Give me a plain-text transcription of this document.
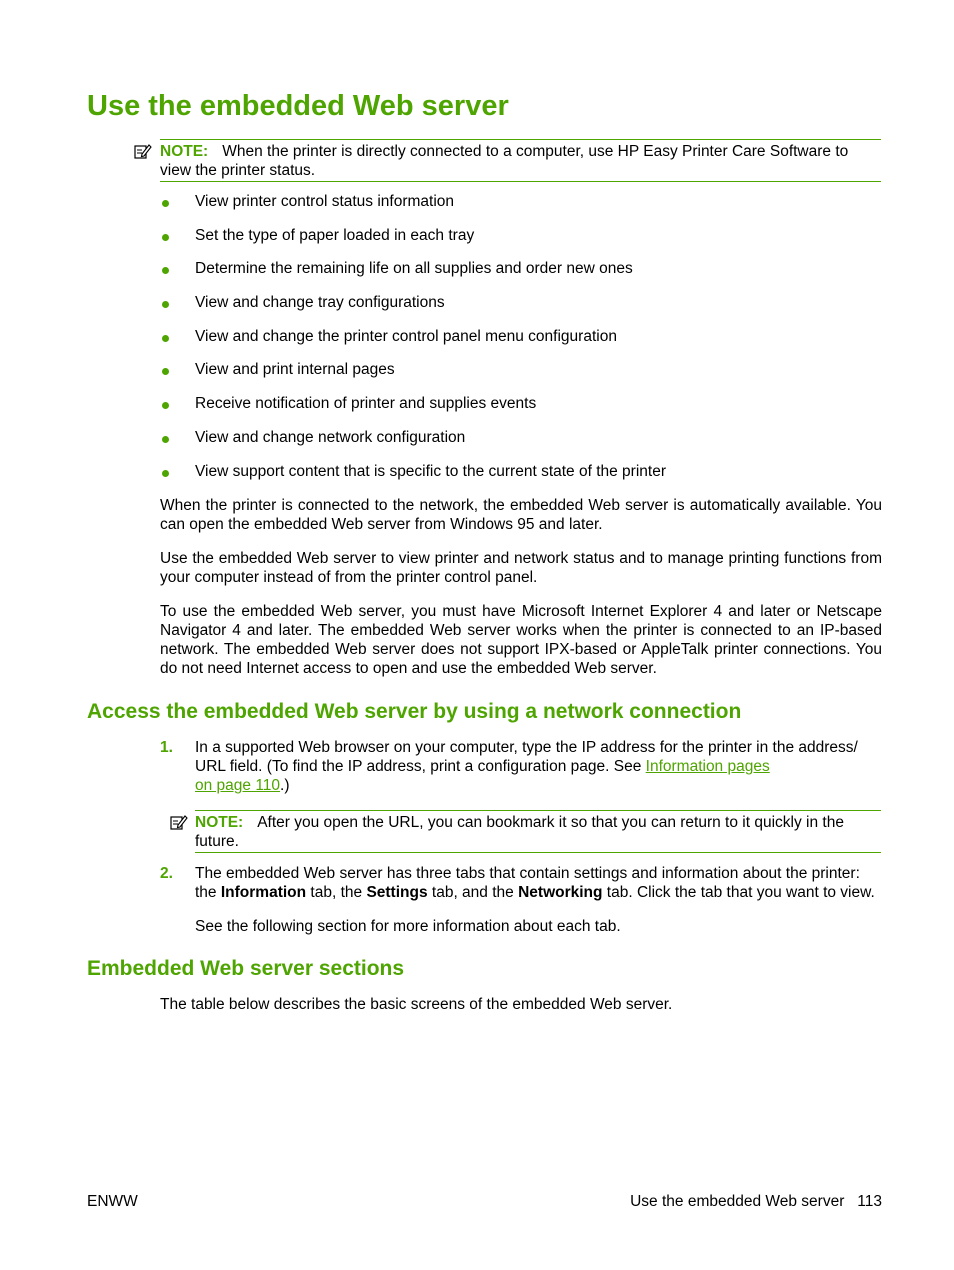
Use the embedded Web server
NOTE: When the printer is directly connected to a computer, use HP Easy Printer Care Software to view the printer status.
View printer control status information
Set the type of paper loaded in each tray
Determine the remaining life on all supplies and order new ones
View and change tray configurations
View and change the printer control panel menu configuration
View and print internal pages
Receive notification of printer and supplies events
View and change network configuration
View support content that is specific to the current state of the printer

When the printer is connected to the network, the embedded Web server is automatically available. You can open the embedded Web server from Windows 95 and later.

Use the embedded Web server to view printer and network status and to manage printing functions from your computer instead of from the printer control panel.

To use the embedded Web server, you must have Microsoft Internet Explorer 4 and later or Netscape Navigator 4 and later. The embedded Web server works when the printer is connected to an IP-based network. The embedded Web server does not support IPX-based or AppleTalk printer connections. You do not need Internet access to open and use the embedded Web server.

Access the embedded Web server by using a network connection
1. In a supported Web browser on your computer, type the IP address for the printer in the address/ URL field. (To find the IP address, print a configuration page. See Information pages
on page 110.)
NOTE: After you open the URL, you can bookmark it so that you can return to it quickly in the future.
2. The embedded Web server has three tabs that contain settings and information about the printer: the Information tab, the Settings tab, and the Networking tab. Click the tab that you want to view.
See the following section for more information about each tab.
Embedded Web server sections

The table below describes the basic screens of the embedded Web server.

ENWW	Use the embedded Web server 113
